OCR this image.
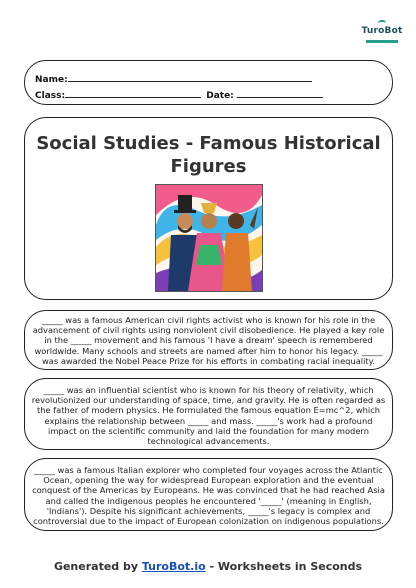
TuroBot
Name:
Class:	Date:
Social Studies - Famous Historical Figures
_____ was a famous American civil rights activist who is known for his role in the advancement of civil rights using nonviolent civil disobedience. He played a key role in the _____ movement and his famous 'I have a dream' speech is remembered worldwide. Many schools and streets are named after him to honor his legacy. _____ was awarded the Nobel Peace Prize for his efforts in combating racial inequality.
_____ was an influential scientist who is known for his theory of relativity, which revolutionized our understanding of space, time, and gravity. He is often regarded as the father of modern physics. He formulated the famous equation E=mc^2, which explains the relationship between _____ and mass. _____'s work had a profound impact on the scientific community and laid the foundation for many modern technological advancements.
_____ was a famous Italian explorer who completed four voyages across the Atlantic Ocean, opening the way for widespread European exploration and the eventual conquest of the Americas by Europeans. He was convinced that he had reached Asia and called the indigenous peoples he encountered '_____' (meaning in English, 'Indians'). Despite his significant achievements, _____'s legacy is complex and controversial due to the impact of European colonization on indigenous populations.
Generated by TuroBot.io - Worksheets in Seconds
